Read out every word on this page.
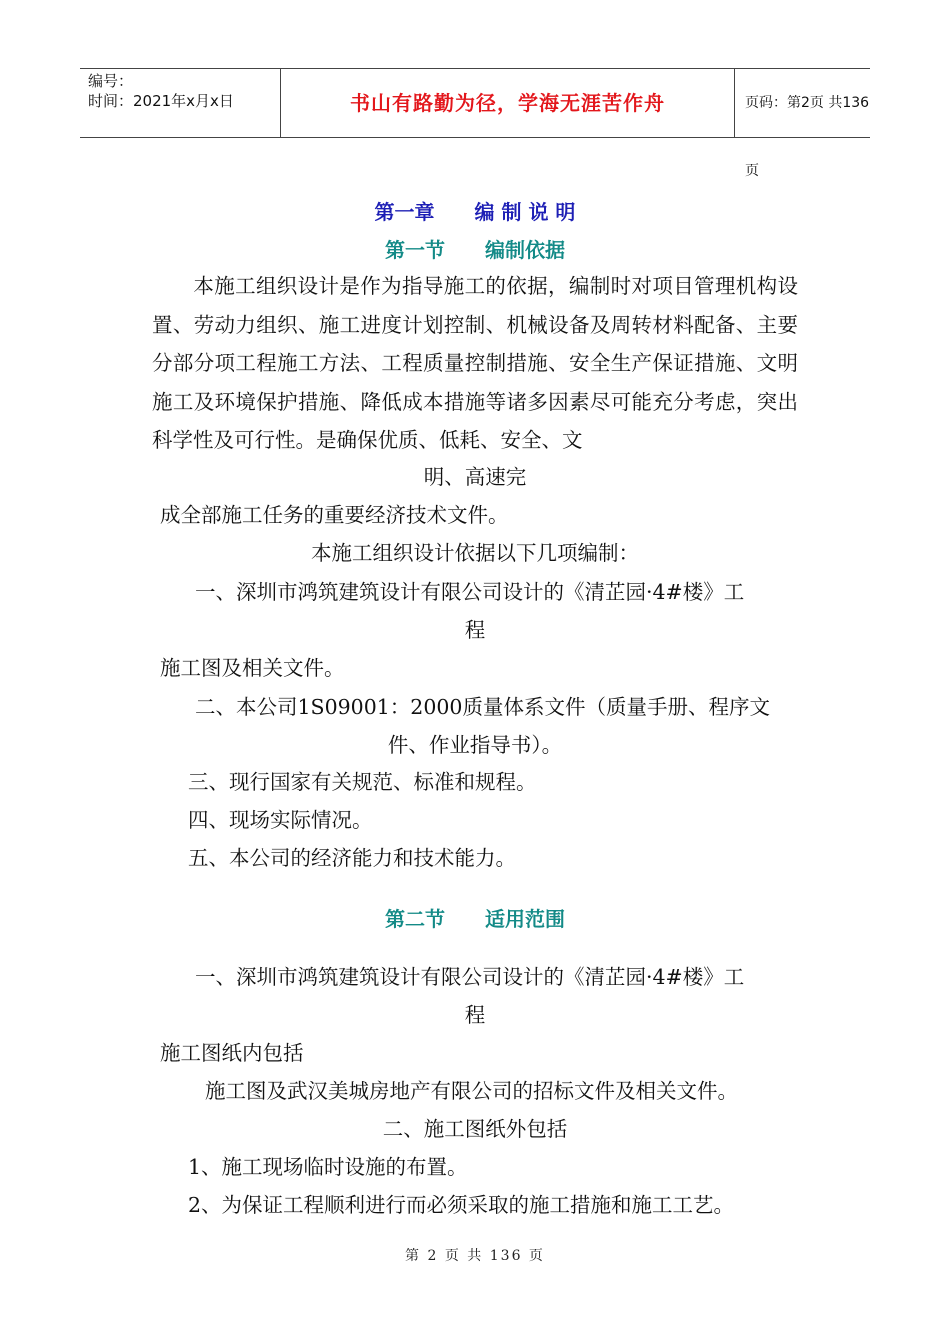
编号：
时间：2021年x月x日	书山有路勤为径，学海无涯苦作舟	页码：第2页 共136页
第一章 编 制 说 明
第一节 编制依据
本施工组织设计是作为指导施工的依据，编制时对项目管理机构设置、劳动力组织、施工进度计划控制、机械设备及周转材料配备、主要分部分项工程施工方法、工程质量控制措施、安全生产保证措施、文明施工及环境保护措施、降低成本措施等诸多因素尽可能充分考虑，突出科学性及可行性。是确保优质、低耗、安全、文
明、高速完
成全部施工任务的重要经济技术文件。
本施工组织设计依据以下几项编制：
一、深圳市鸿筑建筑设计有限公司设计的《清芷园·4#楼》工
程
施工图及相关文件。
二、本公司1S09001：2000质量体系文件（质量手册、程序文
件、作业指导书）。
三、现行国家有关规范、标准和规程。
四、现场实际情况。
五、本公司的经济能力和技术能力。
第二节 适用范围
一、深圳市鸿筑建筑设计有限公司设计的《清芷园·4#楼》工
程
施工图纸内包括
施工图及武汉美城房地产有限公司的招标文件及相关文件。
二、施工图纸外包括
1、施工现场临时设施的布置。
2、为保证工程顺利进行而必须采取的施工措施和施工工艺。
第 2 页 共 136 页
